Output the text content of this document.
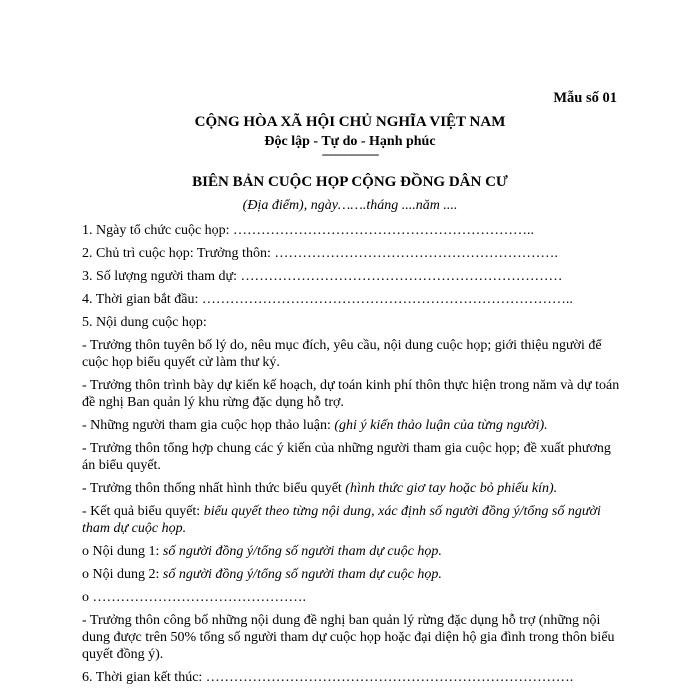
Mẫu số 01
CỘNG HÒA XÃ HỘI CHỦ NGHĨA VIỆT NAM
Độc lập - Tự do - Hạnh phúc
-----------------
BIÊN BẢN CUỘC HỌP CỘNG ĐỒNG DÂN CƯ
(Địa điểm), ngày…….tháng ....năm ....

1. Ngày tổ chức cuộc họp: ………………………………………………………..

2. Chủ trì cuộc họp: Trưởng thôn: …………………………………………………….

3. Số lượng người tham dự: ……………………………………………………………

4. Thời gian bắt đầu: ……………………………………………………………………..

5. Nội dung cuộc họp:

- Trưởng thôn tuyên bố lý do, nêu mục đích, yêu cầu, nội dung cuộc họp; giới thiệu người để cuộc họp biểu quyết cử làm thư ký.

- Trưởng thôn trình bày dự kiến kế hoạch, dự toán kinh phí thôn thực hiện trong năm và dự toán đề nghị Ban quản lý khu rừng đặc dụng hỗ trợ.

- Những người tham gia cuộc họp thảo luận: (ghi ý kiến thảo luận của từng người).

- Trưởng thôn tổng hợp chung các ý kiến của những người tham gia cuộc họp; đề xuất phương án biểu quyết.

- Trưởng thôn thống nhất hình thức biểu quyết (hình thức giơ tay hoặc bỏ phiếu kín).

- Kết quả biểu quyết: biểu quyết theo từng nội dung, xác định số người đồng ý/tổng số người tham dự cuộc họp.

o Nội dung 1: số người đồng ý/tổng số người tham dự cuộc họp.

o Nội dung 2: số người đồng ý/tổng số người tham dự cuộc họp.

o ……………………………………….

- Trưởng thôn công bố những nội dung đề nghị ban quản lý rừng đặc dụng hỗ trợ (những nội dung được trên 50% tổng số người tham dự cuộc họp hoặc đại diện hộ gia đình trong thôn biểu quyết đồng ý).

6. Thời gian kết thúc: …………………………………………………………………….
